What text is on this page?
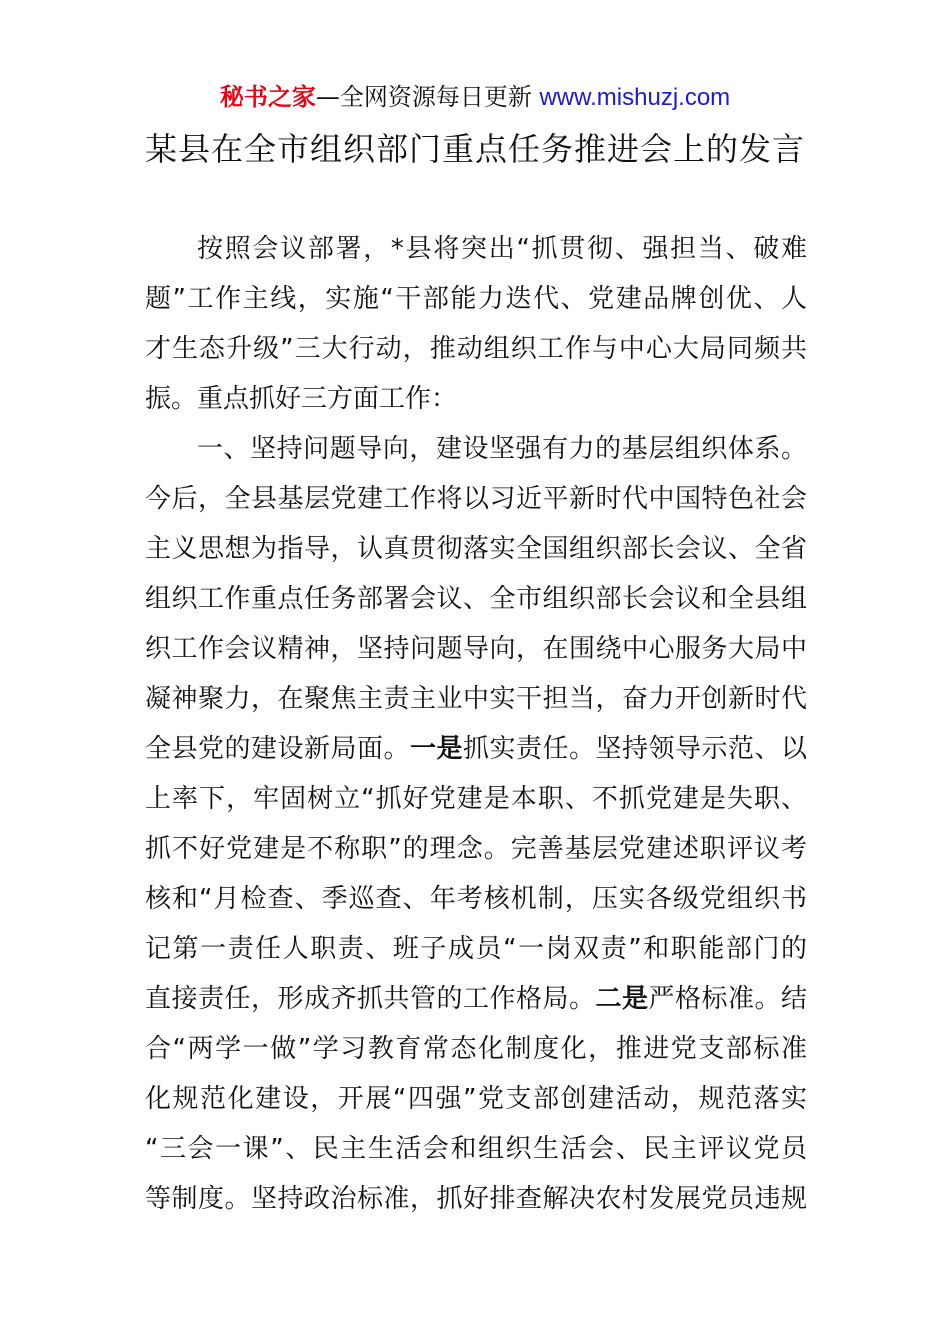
秘书之家—全网资源每日更新 www.mishuzj.com
某县在全市组织部门重点任务推进会上的发言
按照会议部署，*县将突出“抓贯彻、强担当、破难
题”工作主线，实施“干部能力迭代、党建品牌创优、人
才生态升级”三大行动，推动组织工作与中心大局同频共
振。重点抓好三方面工作：
一、坚持问题导向，建设坚强有力的基层组织体系。
今后，全县基层党建工作将以习近平新时代中国特色社会
主义思想为指导，认真贯彻落实全国组织部长会议、全省
组织工作重点任务部署会议、全市组织部长会议和全县组
织工作会议精神，坚持问题导向，在围绕中心服务大局中
凝神聚力，在聚焦主责主业中实干担当，奋力开创新时代
全县党的建设新局面。一是抓实责任。坚持领导示范、以
上率下，牢固树立“抓好党建是本职、不抓党建是失职、
抓不好党建是不称职”的理念。完善基层党建述职评议考
核和“月检查、季巡查、年考核机制，压实各级党组织书
记第一责任人职责、班子成员“一岗双责”和职能部门的
直接责任，形成齐抓共管的工作格局。二是严格标准。结
合“两学一做”学习教育常态化制度化，推进党支部标准
化规范化建设，开展“四强”党支部创建活动，规范落实
“三会一课”、民主生活会和组织生活会、民主评议党员
等制度。坚持政治标准，抓好排查解决农村发展党员违规
